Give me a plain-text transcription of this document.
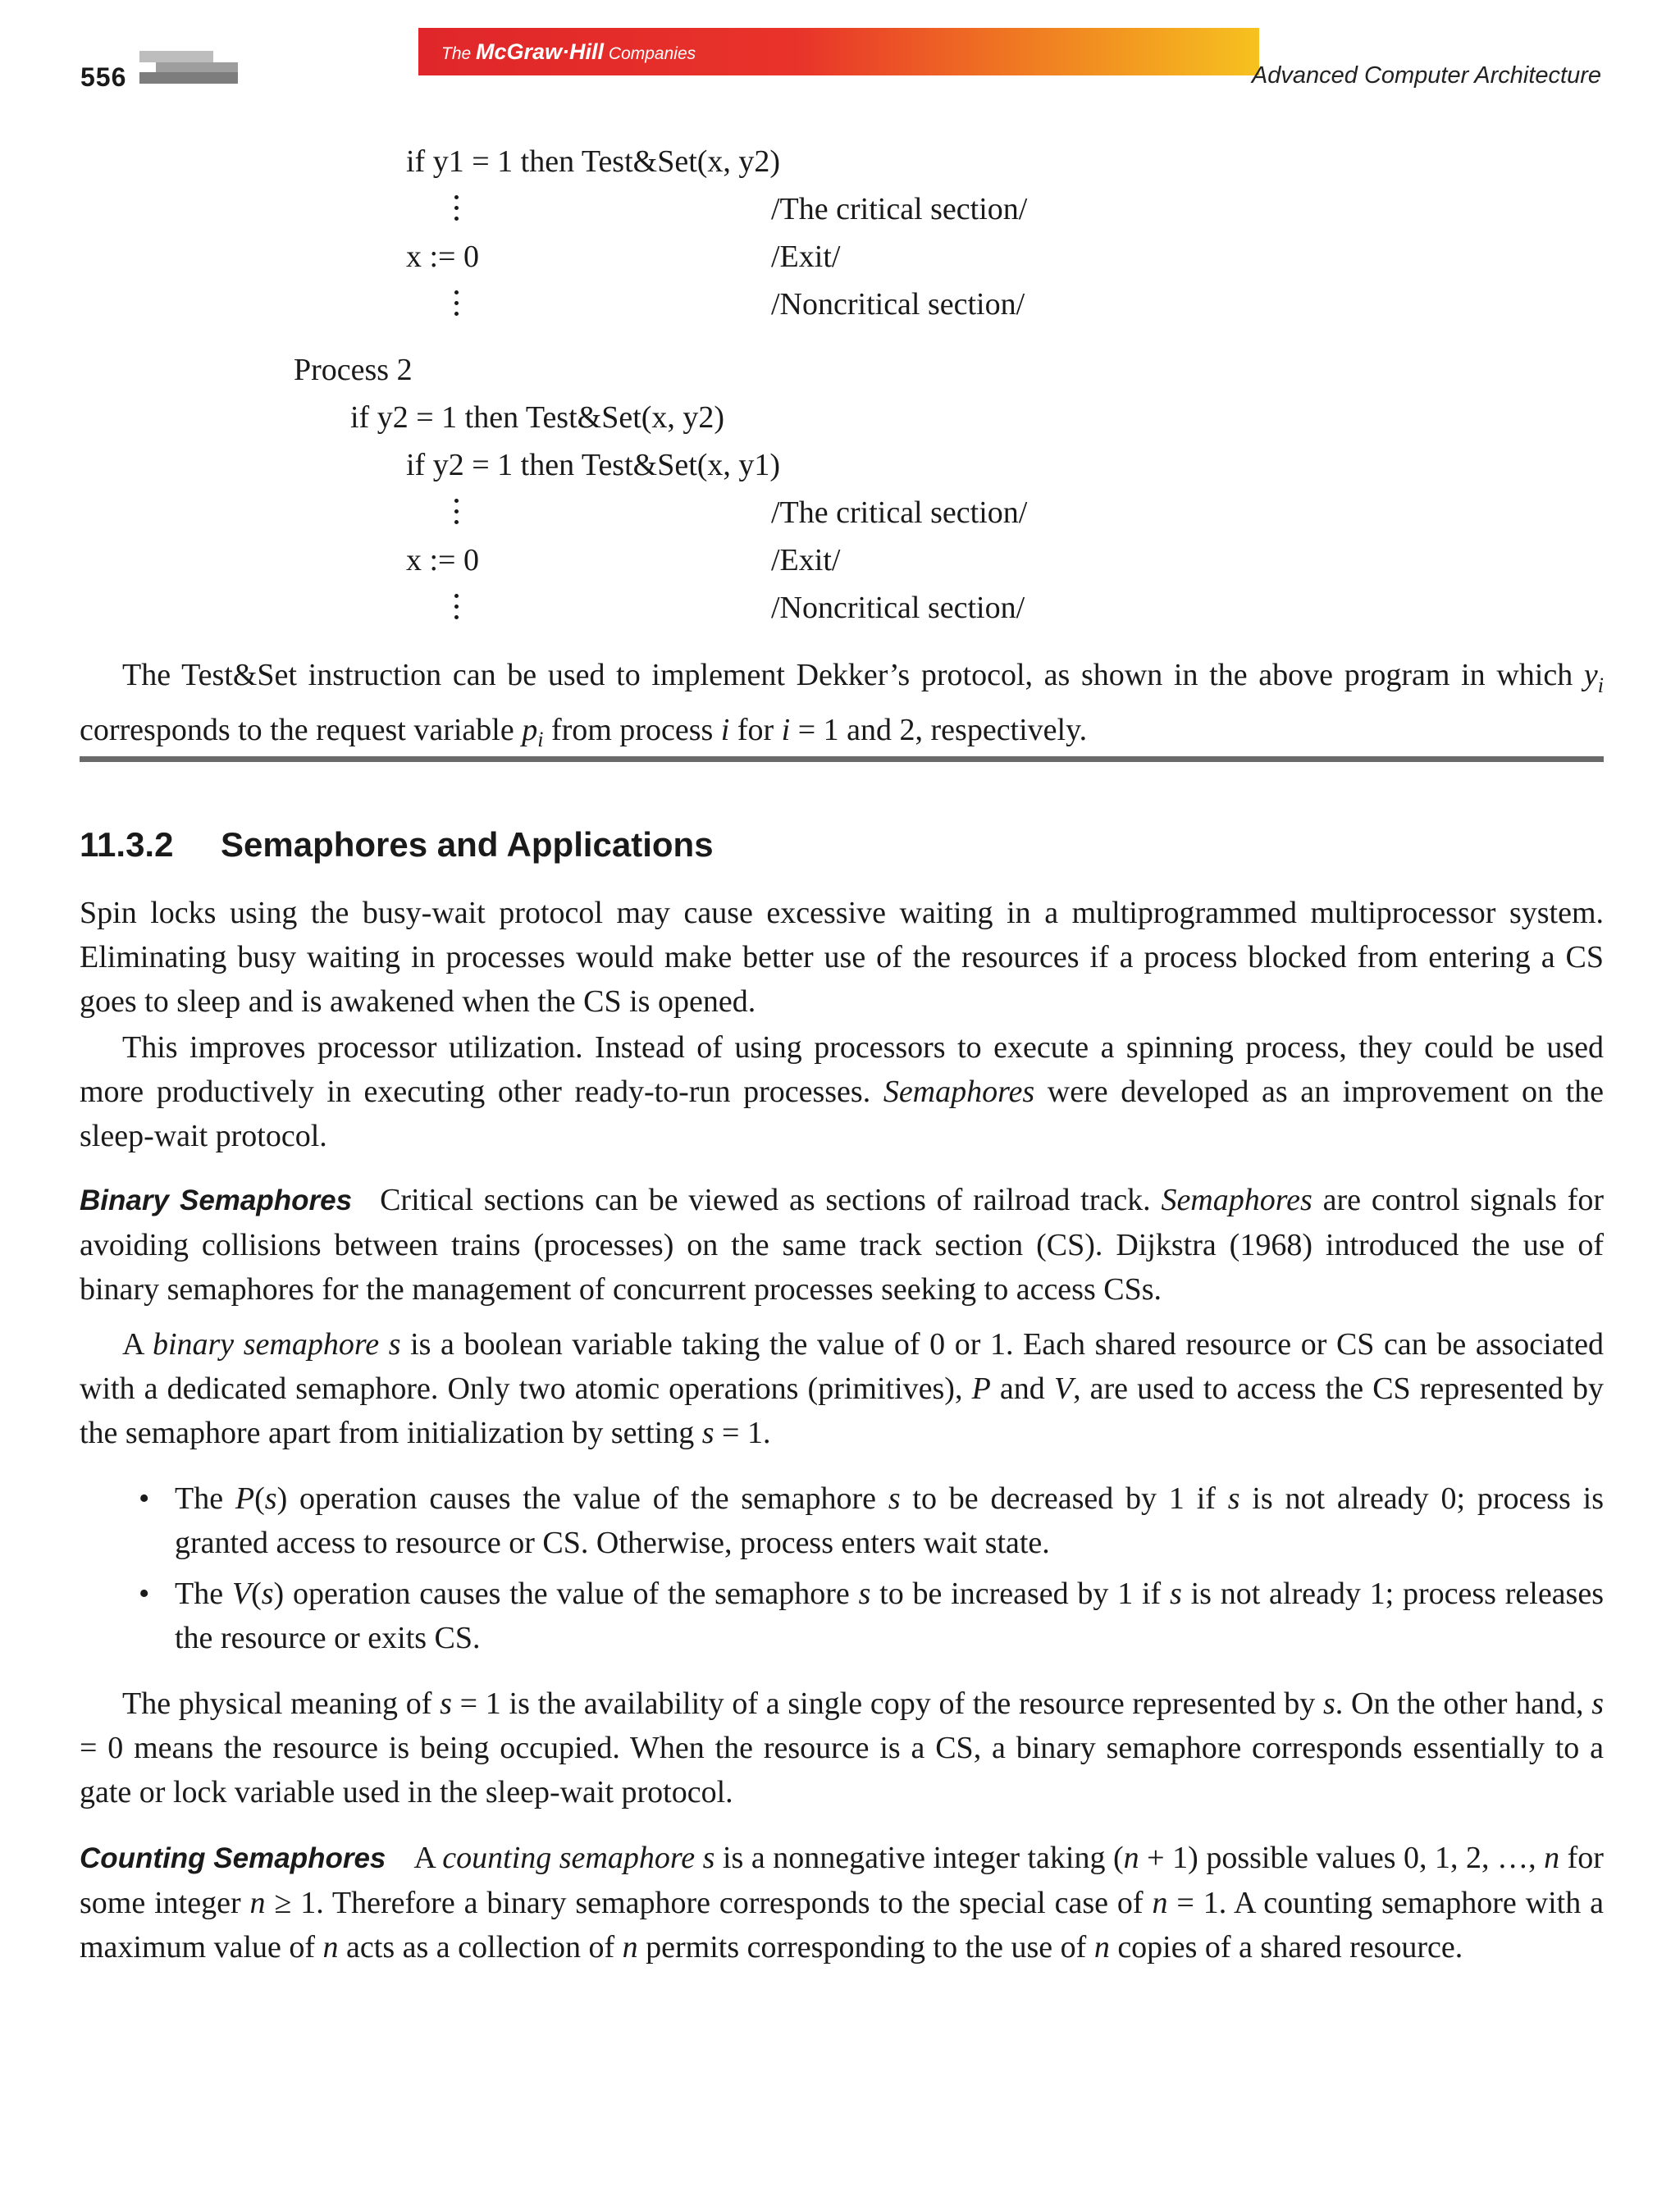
556
The McGraw·Hill Companies
Advanced Computer Architecture
if y1 = 1 then Test&Set(x, y2)
/The critical section/
x := 0	/Exit/
/Noncritical section/
Process 2
if y2 = 1 then Test&Set(x, y2)
if y2 = 1 then Test&Set(x, y1)
/The critical section/
x := 0	/Exit/
/Noncritical section/

The Test&Set instruction can be used to implement Dekker’s protocol, as shown in the above program in which $y_i$ corresponds to the request variable $p_i$ from process i for i = 1 and 2, respectively.

11.3.2 Semaphores and Applications

Spin locks using the busy-wait protocol may cause excessive waiting in a multiprogrammed multiprocessor system. Eliminating busy waiting in processes would make better use of the resources if a process blocked from entering a CS goes to sleep and is awakened when the CS is opened.

This improves processor utilization. Instead of using processors to execute a spinning process, they could be used more productively in executing other ready-to-run processes. Semaphores were developed as an improvement on the sleep-wait protocol.

Binary Semaphores Critical sections can be viewed as sections of railroad track. Semaphores are control signals for avoiding collisions between trains (processes) on the same track section (CS). Dijkstra (1968) introduced the use of binary semaphores for the management of concurrent processes seeking to access CSs.

A binary semaphore s is a boolean variable taking the value of 0 or 1. Each shared resource or CS can be associated with a dedicated semaphore. Only two atomic operations (primitives), P and V, are used to access the CS represented by the semaphore apart from initialization by setting s = 1.

• The P(s) operation causes the value of the semaphore s to be decreased by 1 if s is not already 0; process is granted access to resource or CS. Otherwise, process enters wait state.
• The V(s) operation causes the value of the semaphore s to be increased by 1 if s is not already 1; process releases the resource or exits CS.

The physical meaning of s = 1 is the availability of a single copy of the resource represented by s. On the other hand, s = 0 means the resource is being occupied. When the resource is a CS, a binary semaphore corresponds essentially to a gate or lock variable used in the sleep-wait protocol.

Counting Semaphores A counting semaphore s is a nonnegative integer taking (n + 1) possible values 0, 1, 2, …, n for some integer n ≥ 1. Therefore a binary semaphore corresponds to the special case of n = 1. A counting semaphore with a maximum value of n acts as a collection of n permits corresponding to the use of n copies of a shared resource.
